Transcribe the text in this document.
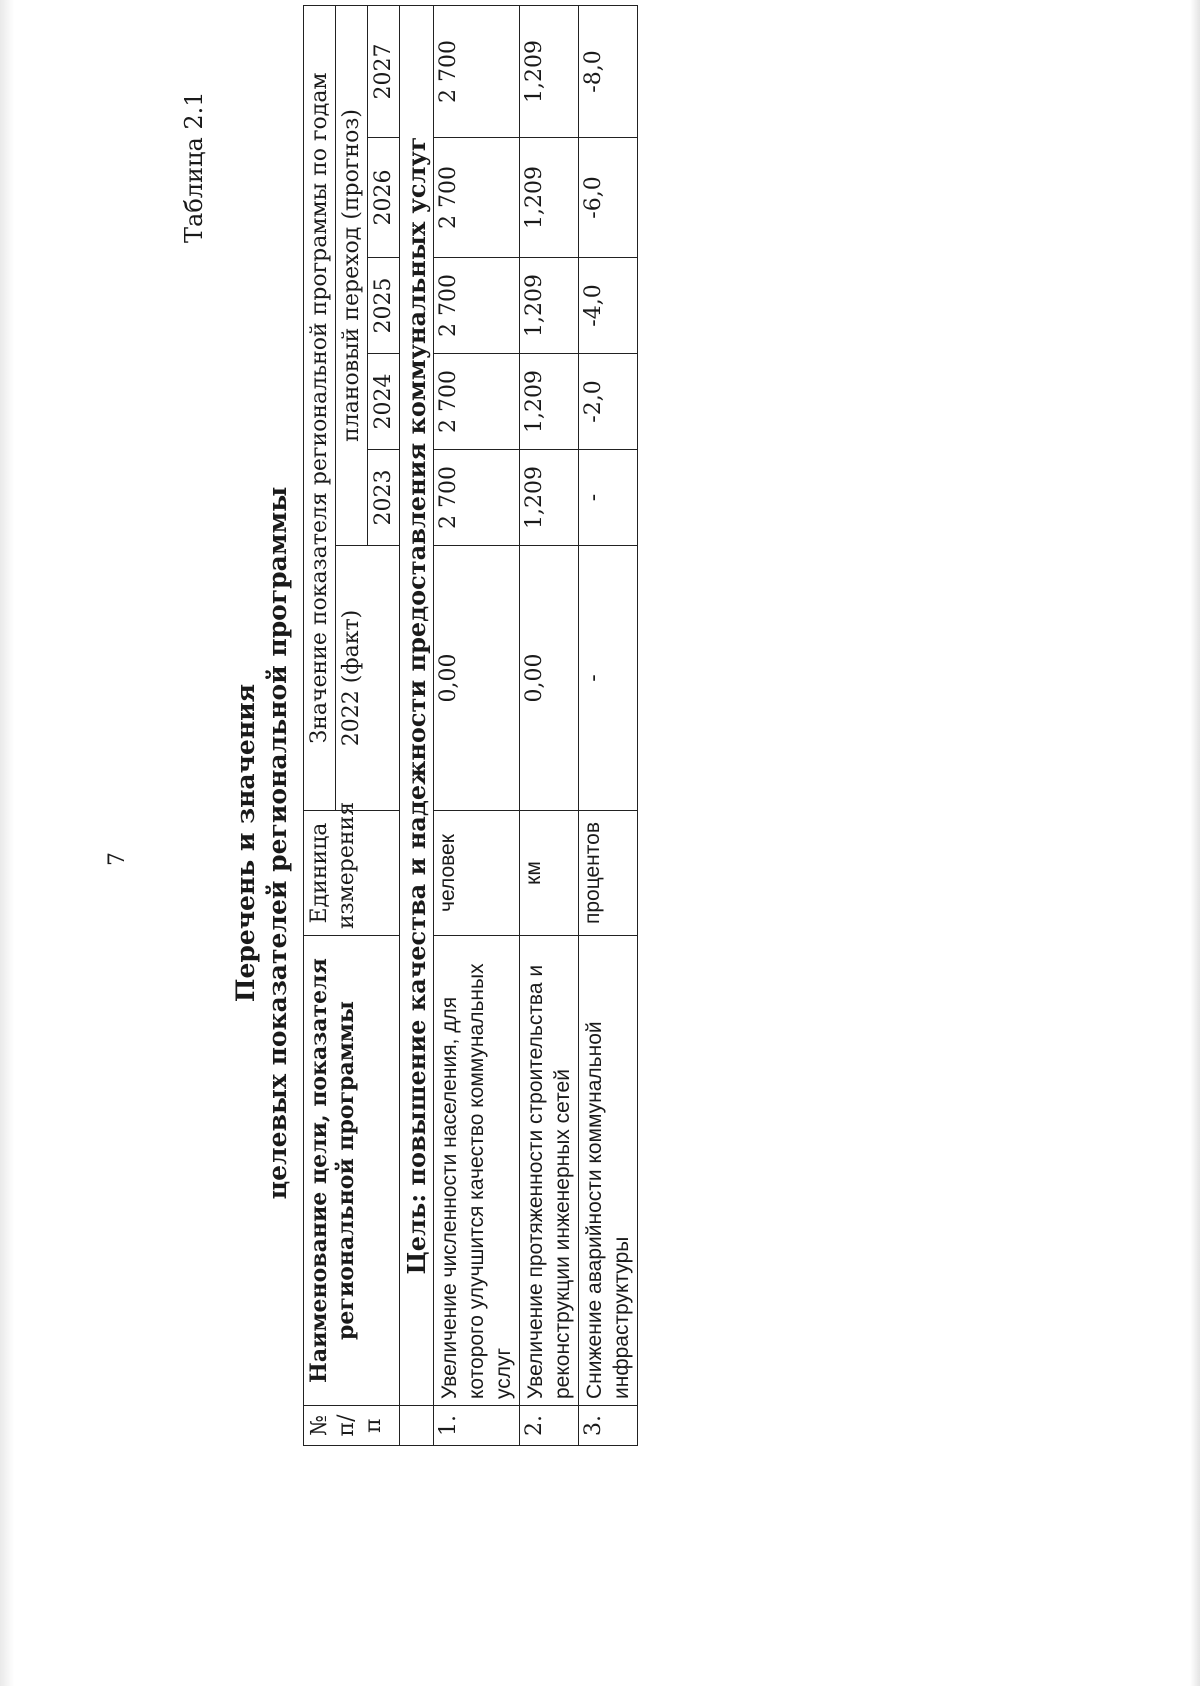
7
Таблица 2.1
Перечень и значения целевых показателей региональной программы
№ п/п	Наименование цели, показателя региональной программы	Единица измерения	Значение показателя региональной программы по годам					
			2022 (факт)	плановый переход (прогноз)				
				2023	2024	2025	2026	2027
	Цель: повышение качества и надежности предоставления коммунальных услуг							
1.	Увеличение численности населения, для которого улучшится качество коммунальных услуг	человек	0,00	2 700	2 700	2 700	2 700	2 700
2.	Увеличение протяженности строительства и реконструкции инженерных сетей	км	0,00	1,209	1,209	1,209	1,209	1,209
3.	Снижение аварийности коммунальной инфраструктуры	процентов	-	-	-2,0	-4,0	-6,0	-8,0
